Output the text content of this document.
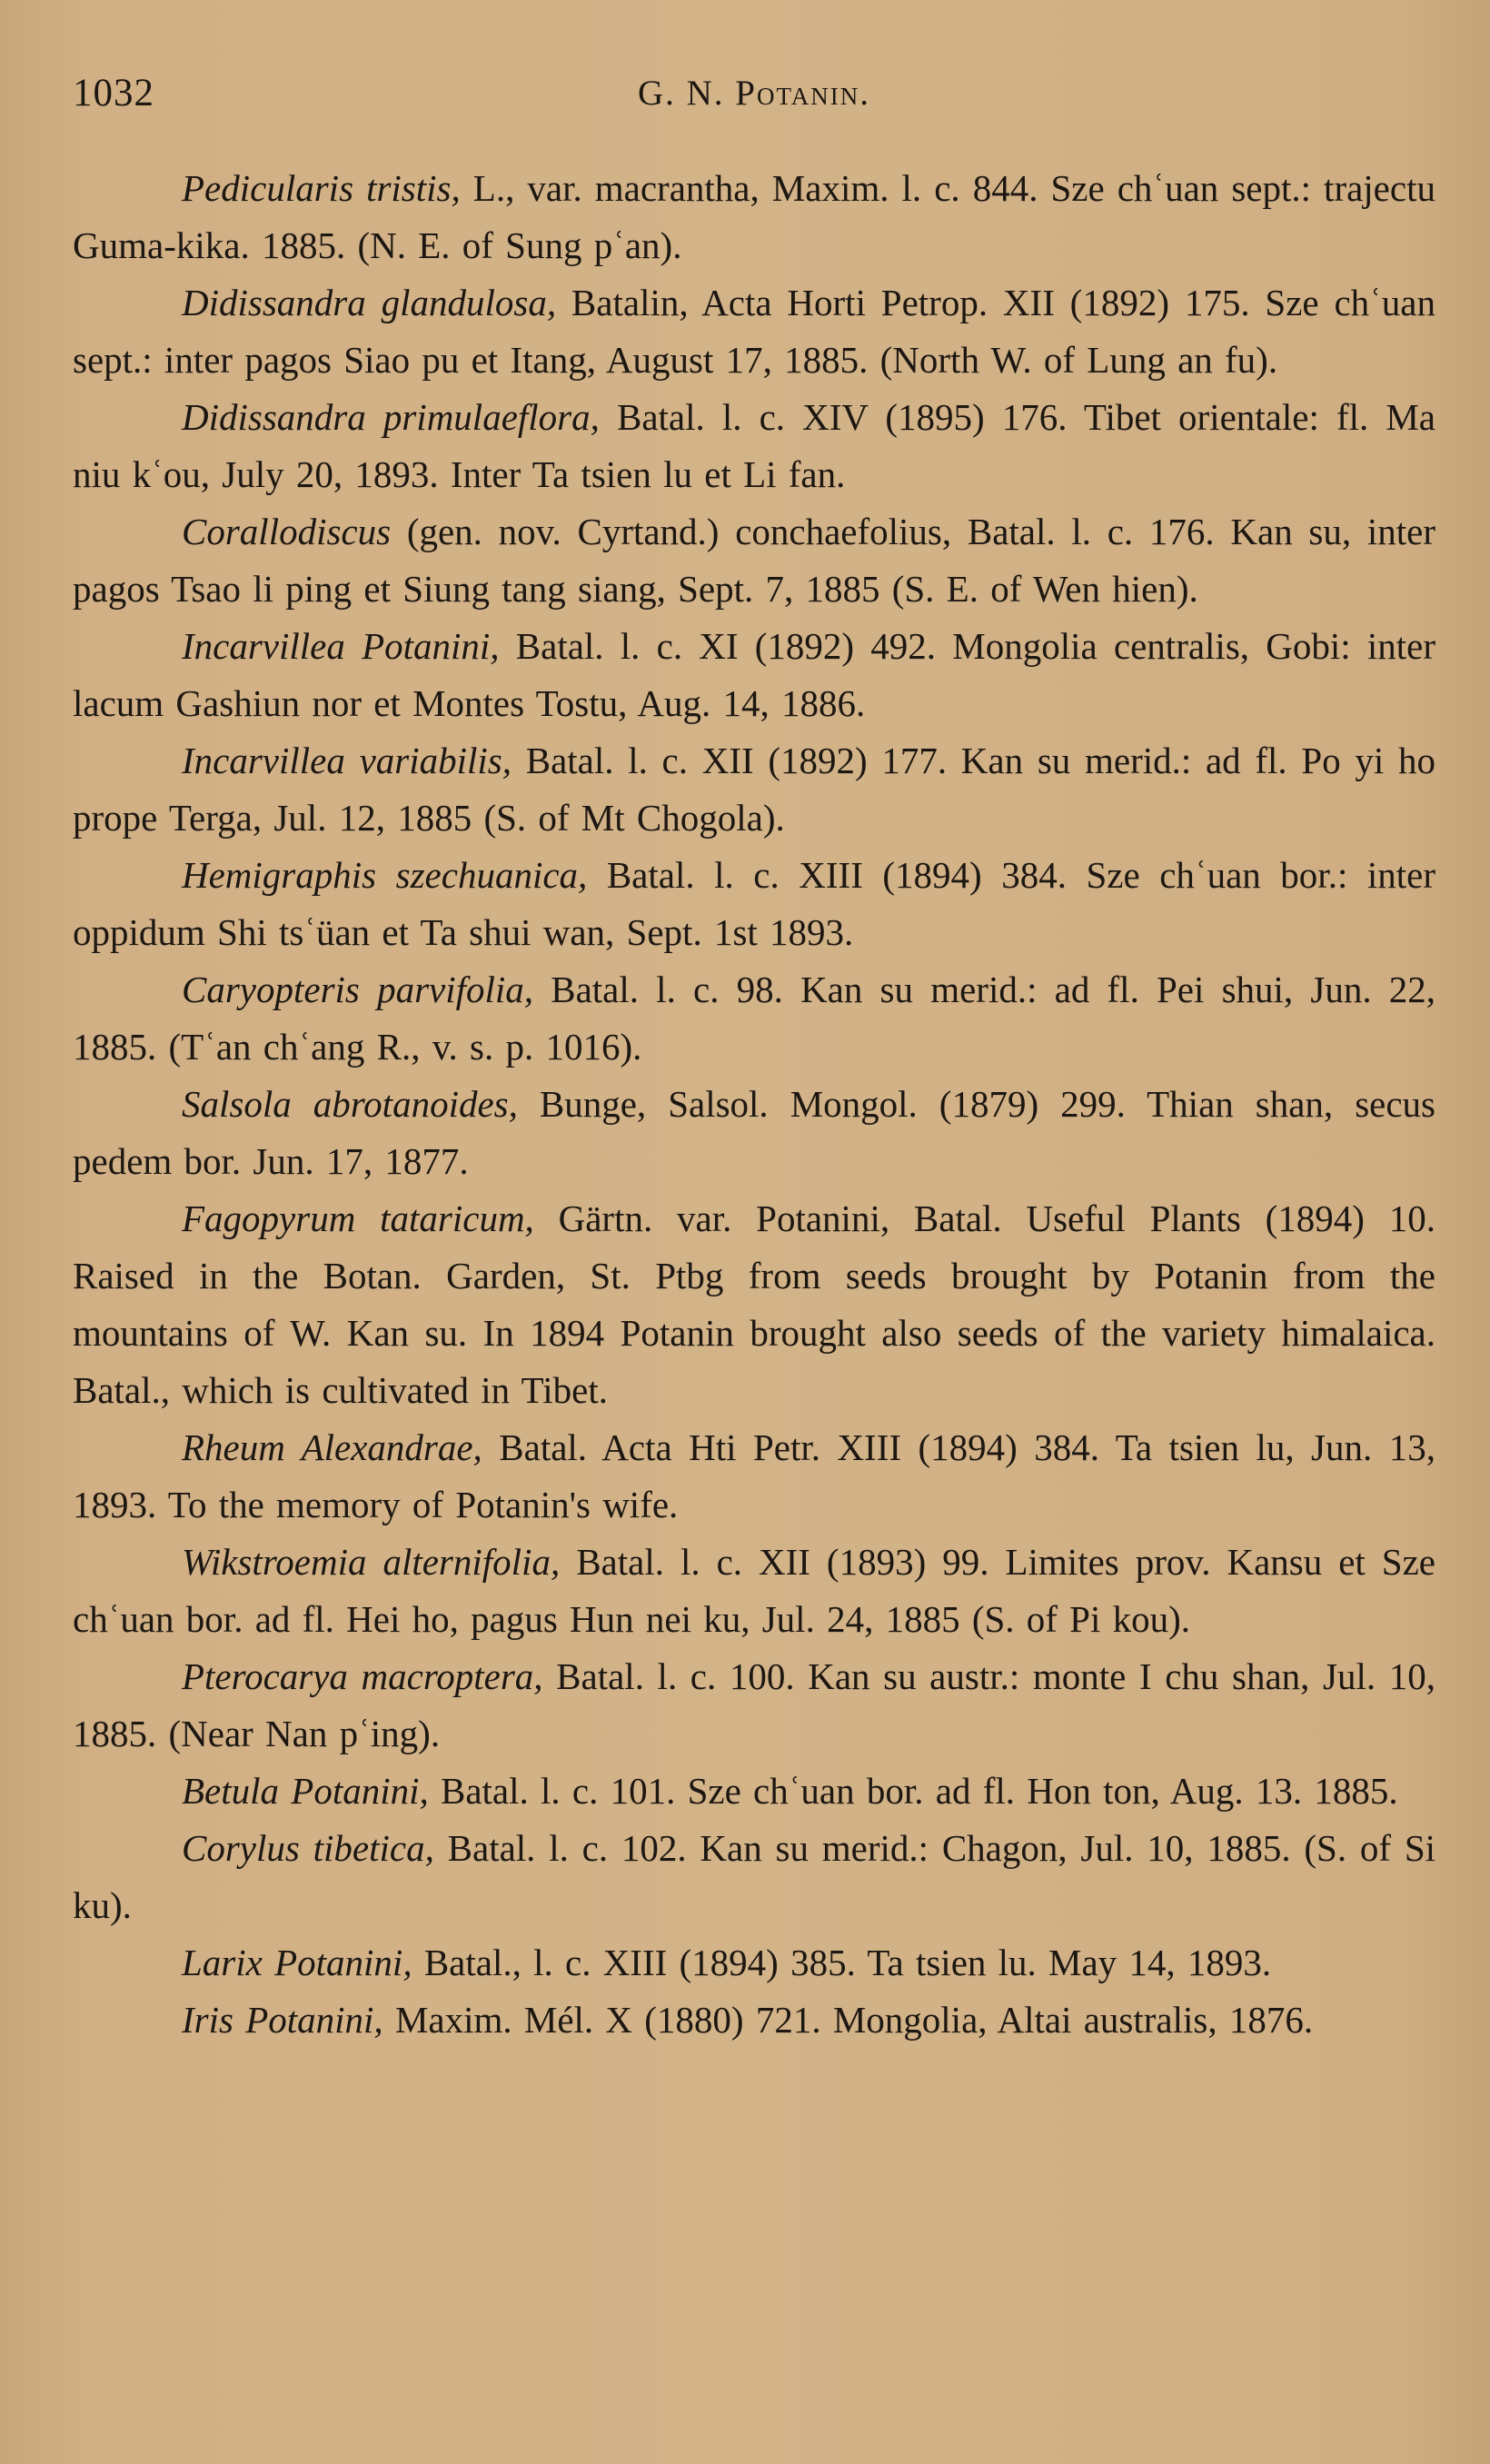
1032	G. N. Potanin.

Pedicularis tristis, L., var. macrantha, Maxim. l. c. 844. Sze chʿuan sept.: trajectu Guma-kika. 1885. (N. E. of Sung pʿan).

Didissandra glandulosa, Batalin, Acta Horti Petrop. XII (1892) 175. Sze chʿuan sept.: inter pagos Siao pu et Itang, August 17, 1885. (North W. of Lung an fu).

Didissandra primulaeflora, Batal. l. c. XIV (1895) 176. Tibet orientale: fl. Ma niu kʿou, July 20, 1893. Inter Ta tsien lu et Li fan.

Corallodiscus (gen. nov. Cyrtand.) conchaefolius, Batal. l. c. 176. Kan su, inter pagos Tsao li ping et Siung tang siang, Sept. 7, 1885 (S. E. of Wen hien).

Incarvillea Potanini, Batal. l. c. XI (1892) 492. Mongolia centralis, Gobi: inter lacum Gashiun nor et Montes Tostu, Aug. 14, 1886.

Incarvillea variabilis, Batal. l. c. XII (1892) 177. Kan su merid.: ad fl. Po yi ho prope Terga, Jul. 12, 1885 (S. of Mt Chogola).

Hemigraphis szechuanica, Batal. l. c. XIII (1894) 384. Sze chʿuan bor.: inter oppidum Shi tsʿüan et Ta shui wan, Sept. 1st 1893.

Caryopteris parvifolia, Batal. l. c. 98. Kan su merid.: ad fl. Pei shui, Jun. 22, 1885. (Tʿan chʿang R., v. s. p. 1016).

Salsola abrotanoides, Bunge, Salsol. Mongol. (1879) 299. Thian shan, secus pedem bor. Jun. 17, 1877.

Fagopyrum tataricum, Gärtn. var. Potanini, Batal. Useful Plants (1894) 10. Raised in the Botan. Garden, St. Ptbg from seeds brought by Potanin from the mountains of W. Kan su. In 1894 Potanin brought also seeds of the variety himalaica. Batal., which is cultivated in Tibet.

Rheum Alexandrae, Batal. Acta Hti Petr. XIII (1894) 384. Ta tsien lu, Jun. 13, 1893. To the memory of Potanin's wife.

Wikstroemia alternifolia, Batal. l. c. XII (1893) 99. Limites prov. Kansu et Sze chʿuan bor. ad fl. Hei ho, pagus Hun nei ku, Jul. 24, 1885 (S. of Pi kou).

Pterocarya macroptera, Batal. l. c. 100. Kan su austr.: monte I chu shan, Jul. 10, 1885. (Near Nan pʿing).

Betula Potanini, Batal. l. c. 101. Sze chʿuan bor. ad fl. Hon ton, Aug. 13. 1885.

Corylus tibetica, Batal. l. c. 102. Kan su merid.: Chagon, Jul. 10, 1885. (S. of Si ku).

Larix Potanini, Batal., l. c. XIII (1894) 385. Ta tsien lu. May 14, 1893.

Iris Potanini, Maxim. Mél. X (1880) 721. Mongolia, Altai australis, 1876.
